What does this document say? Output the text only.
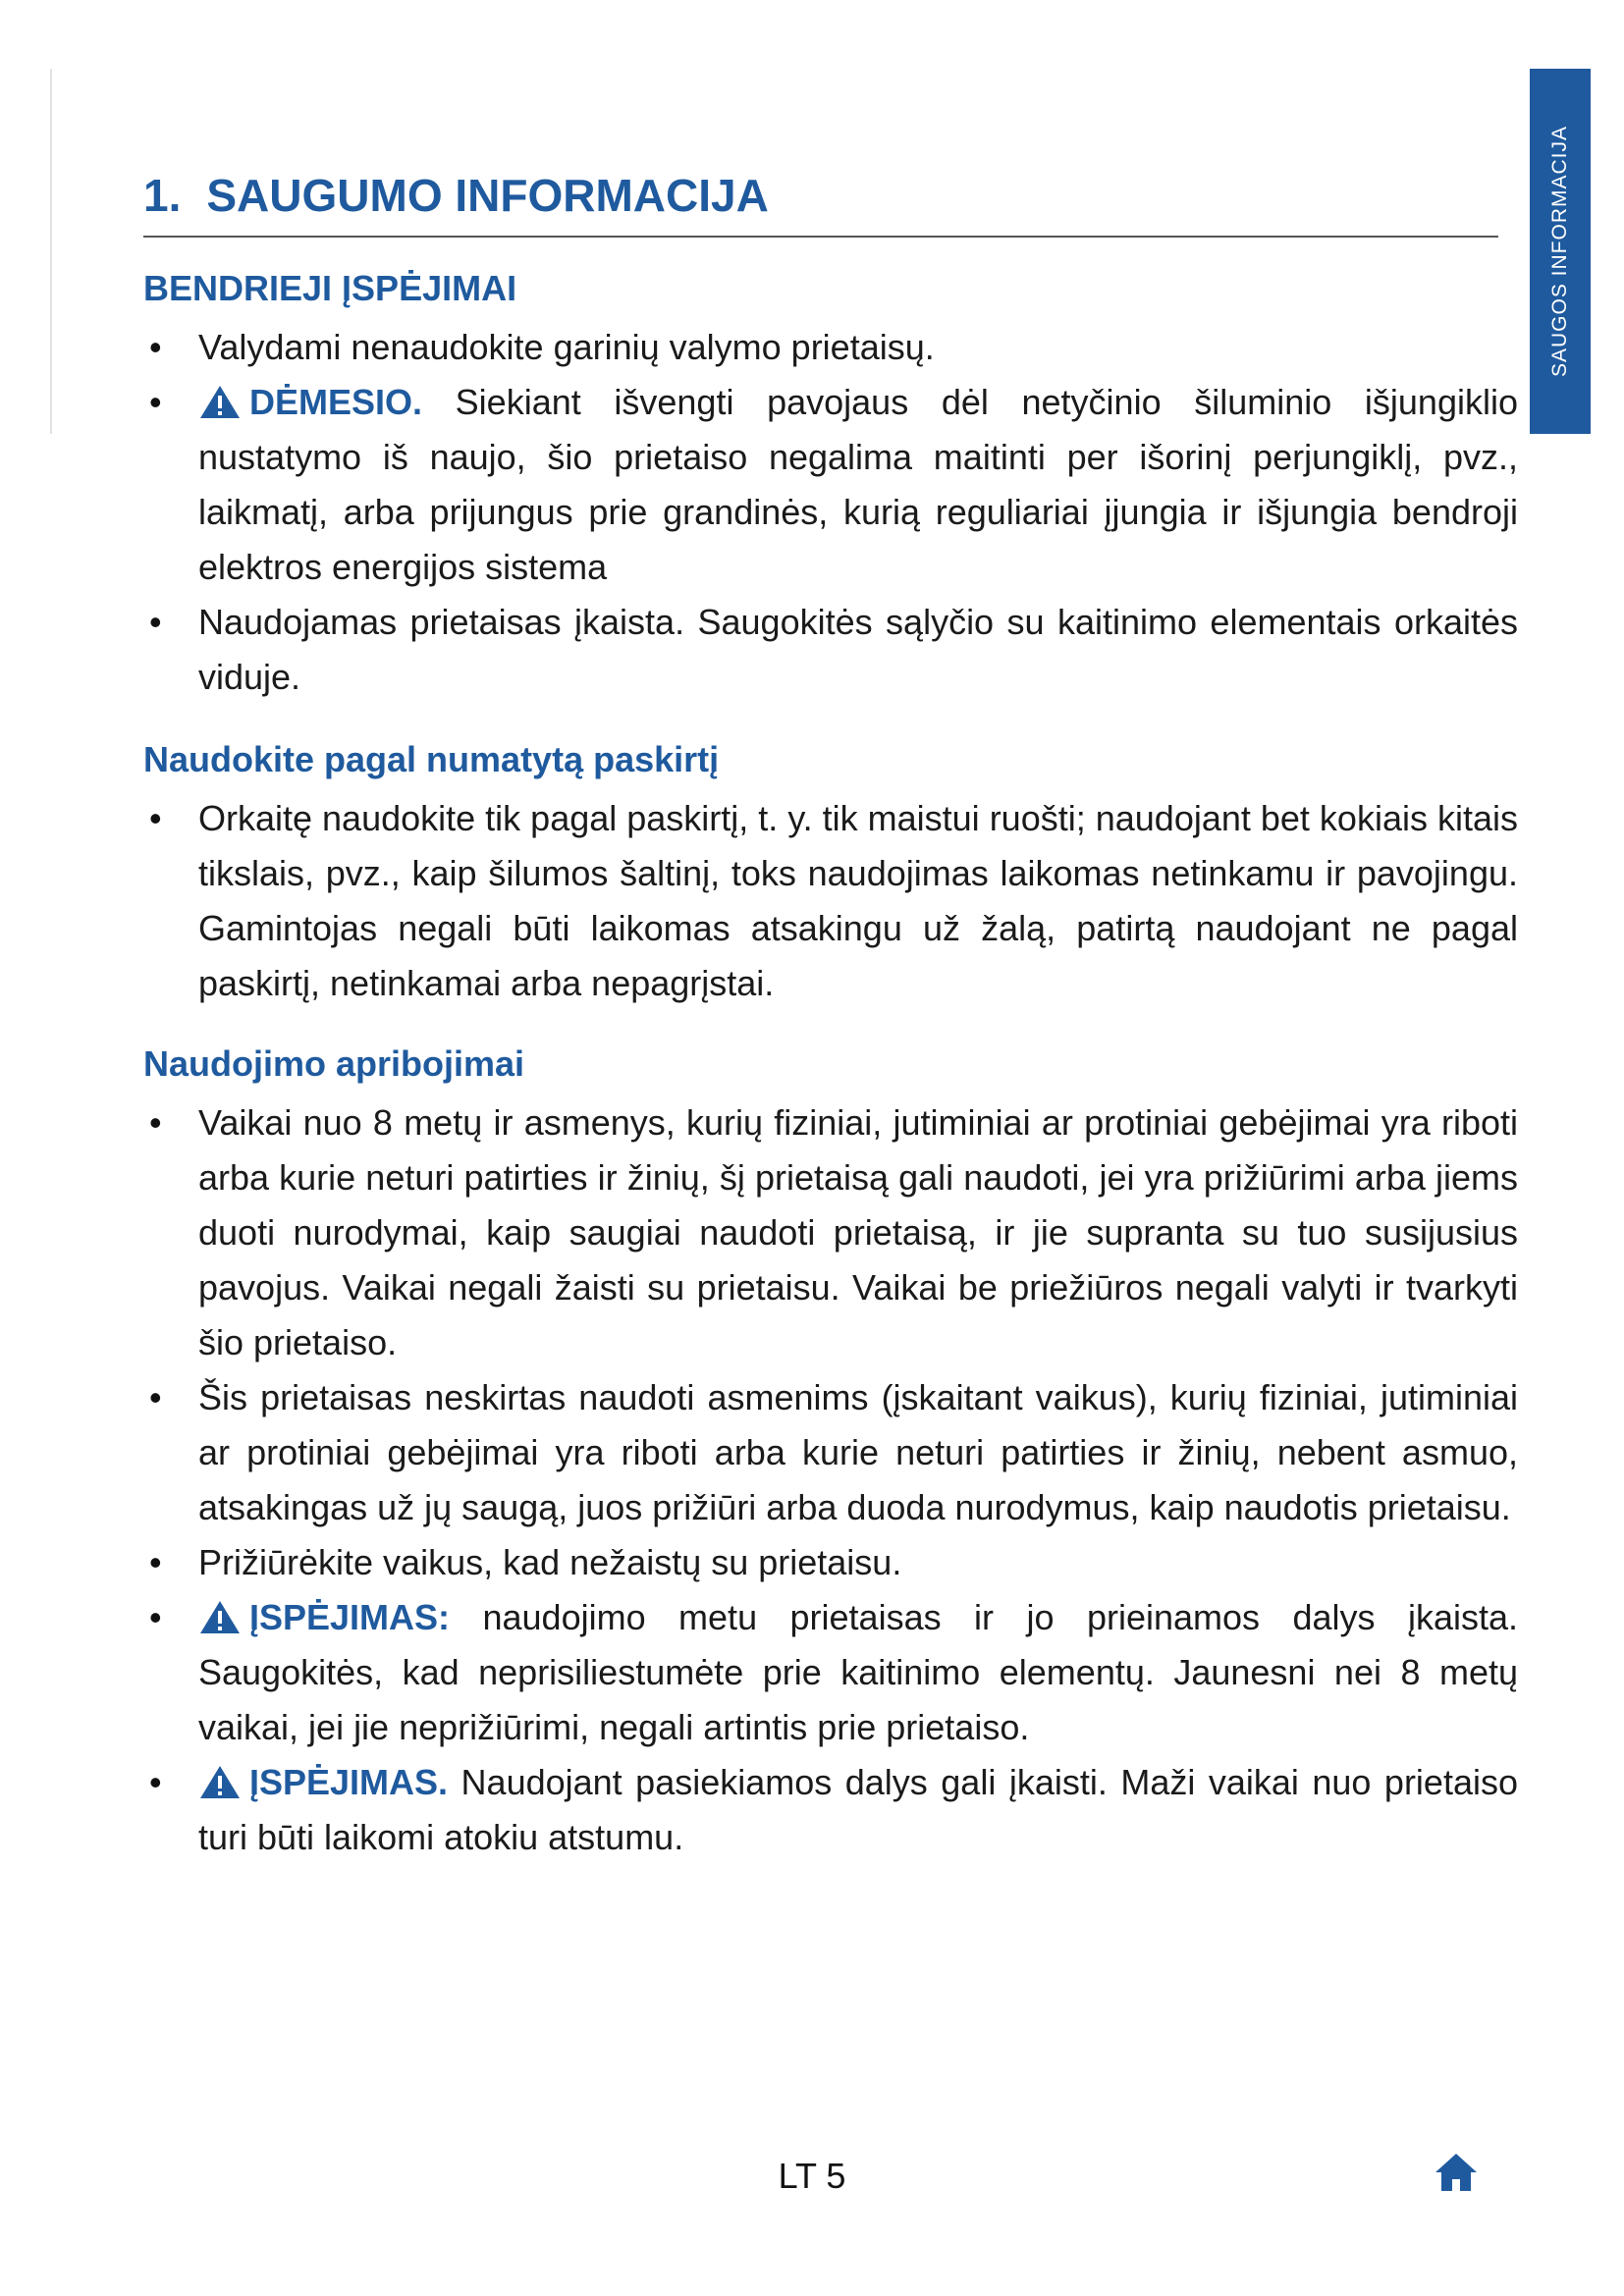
SAUGOS INFORMACIJA
1. SAUGUMO INFORMACIJA
BENDRIEJI ĮSPĖJIMAI
• Valydami nenaudokite garinių valymo prietaisų.
• DĖMESIO. Siekiant išvengti pavojaus dėl netyčinio šiluminio išjungiklio nustatymo iš naujo, šio prietaiso negalima maitinti per išorinį perjungiklį, pvz., laikmatį, arba prijungus prie grandinės, kurią reguliariai įjungia ir išjungia bendroji elektros energijos sistema
• Naudojamas prietaisas įkaista. Saugokitės sąlyčio su kaitinimo elementais orkaitės viduje.
Naudokite pagal numatytą paskirtį
• Orkaitę naudokite tik pagal paskirtį, t. y. tik maistui ruošti; naudojant bet kokiais kitais tikslais, pvz., kaip šilumos šaltinį, toks naudojimas laikomas netinkamu ir pavojingu. Gamintojas negali būti laikomas atsakingu už žalą, patirtą naudojant ne pagal paskirtį, netinkamai arba nepagrįstai.
Naudojimo apribojimai
• Vaikai nuo 8 metų ir asmenys, kurių fiziniai, jutiminiai ar protiniai gebėjimai yra riboti arba kurie neturi patirties ir žinių, šį prietaisą gali naudoti, jei yra prižiūrimi arba jiems duoti nurodymai, kaip saugiai naudoti prietaisą, ir jie supranta su tuo susijusius pavojus. Vaikai negali žaisti su prietaisu. Vaikai be priežiūros negali valyti ir tvarkyti šio prietaiso.
• Šis prietaisas neskirtas naudoti asmenims (įskaitant vaikus), kurių fiziniai, jutiminiai ar protiniai gebėjimai yra riboti arba kurie neturi patirties ir žinių, nebent asmuo, atsakingas už jų saugą, juos prižiūri arba duoda nurodymus, kaip naudotis prietaisu.
• Prižiūrėkite vaikus, kad nežaistų su prietaisu.
• ĮSPĖJIMAS: naudojimo metu prietaisas ir jo prieinamos dalys įkaista. Saugokitės, kad neprisiliestumėte prie kaitinimo elementų. Jaunesni nei 8 metų vaikai, jei jie neprižiūrimi, negali artintis prie prietaiso.
• ĮSPĖJIMAS. Naudojant pasiekiamos dalys gali įkaisti. Maži vaikai nuo prietaiso turi būti laikomi atokiu atstumu.
LT 5
